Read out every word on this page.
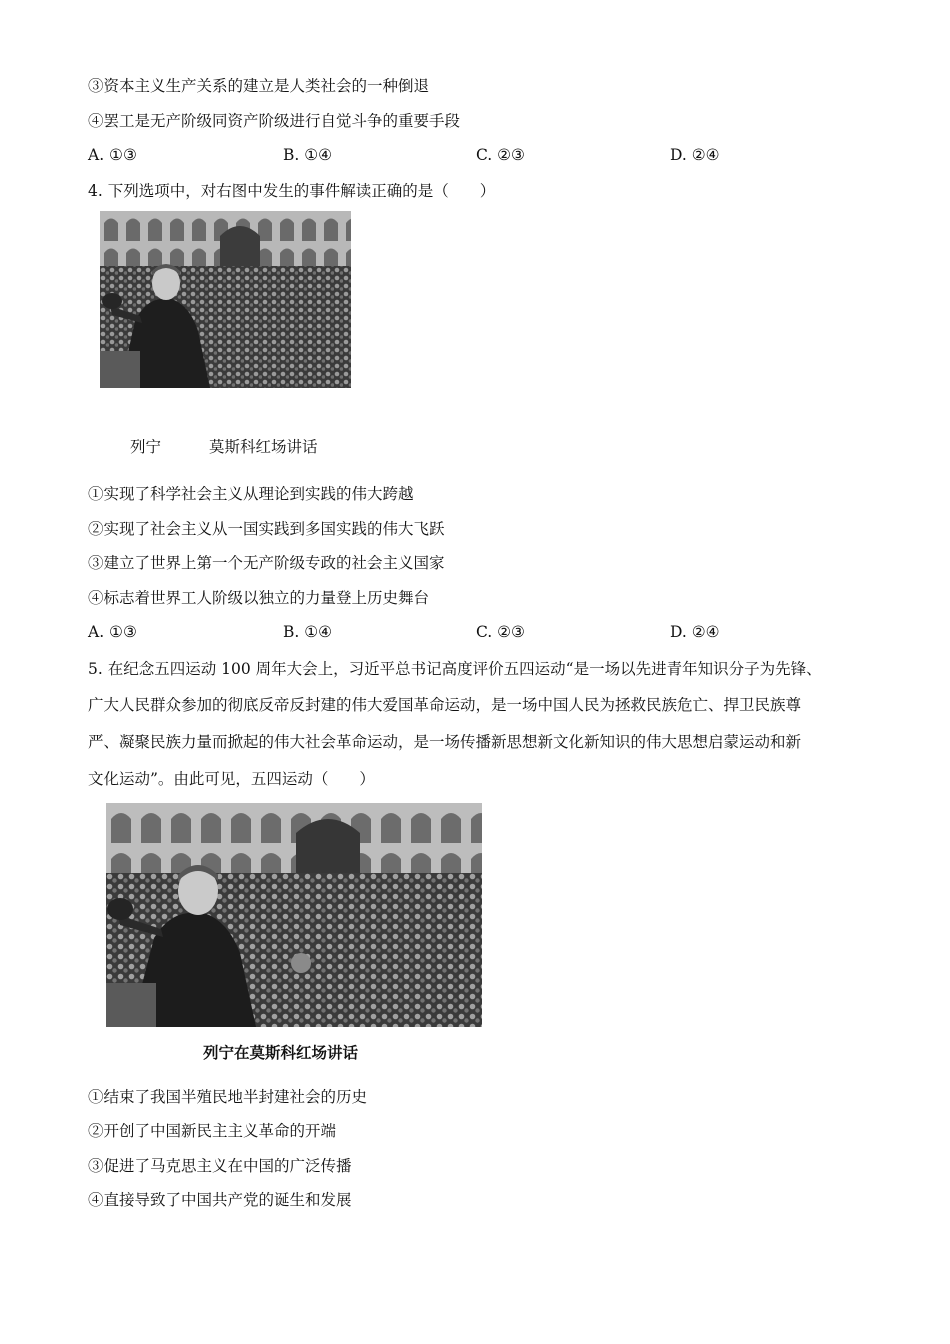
③资本主义生产关系的建立是人类社会的一种倒退
④罢工是无产阶级同资产阶级进行自觉斗争的重要手段
A. ①③	B. ①④	C. ②③	D. ②④
4. 下列选项中，对右图中发生的事件解读正确的是（　　）
列宁	莫斯科红场讲话
①实现了科学社会主义从理论到实践的伟大跨越
②实现了社会主义从一国实践到多国实践的伟大飞跃
③建立了世界上第一个无产阶级专政的社会主义国家
④标志着世界工人阶级以独立的力量登上历史舞台
A. ①③	B. ①④	C. ②③	D. ②④
5. 在纪念五四运动 100 周年大会上，习近平总书记高度评价五四运动“是一场以先进青年知识分子为先锋、
广大人民群众参加的彻底反帝反封建的伟大爱国革命运动，是一场中国人民为拯救民族危亡、捍卫民族尊
严、凝聚民族力量而掀起的伟大社会革命运动，是一场传播新思想新文化新知识的伟大思想启蒙运动和新
文化运动”。由此可见，五四运动（　　）
列宁在莫斯科红场讲话
①结束了我国半殖民地半封建社会的历史
②开创了中国新民主主义革命的开端
③促进了马克思主义在中国的广泛传播
④直接导致了中国共产党的诞生和发展
